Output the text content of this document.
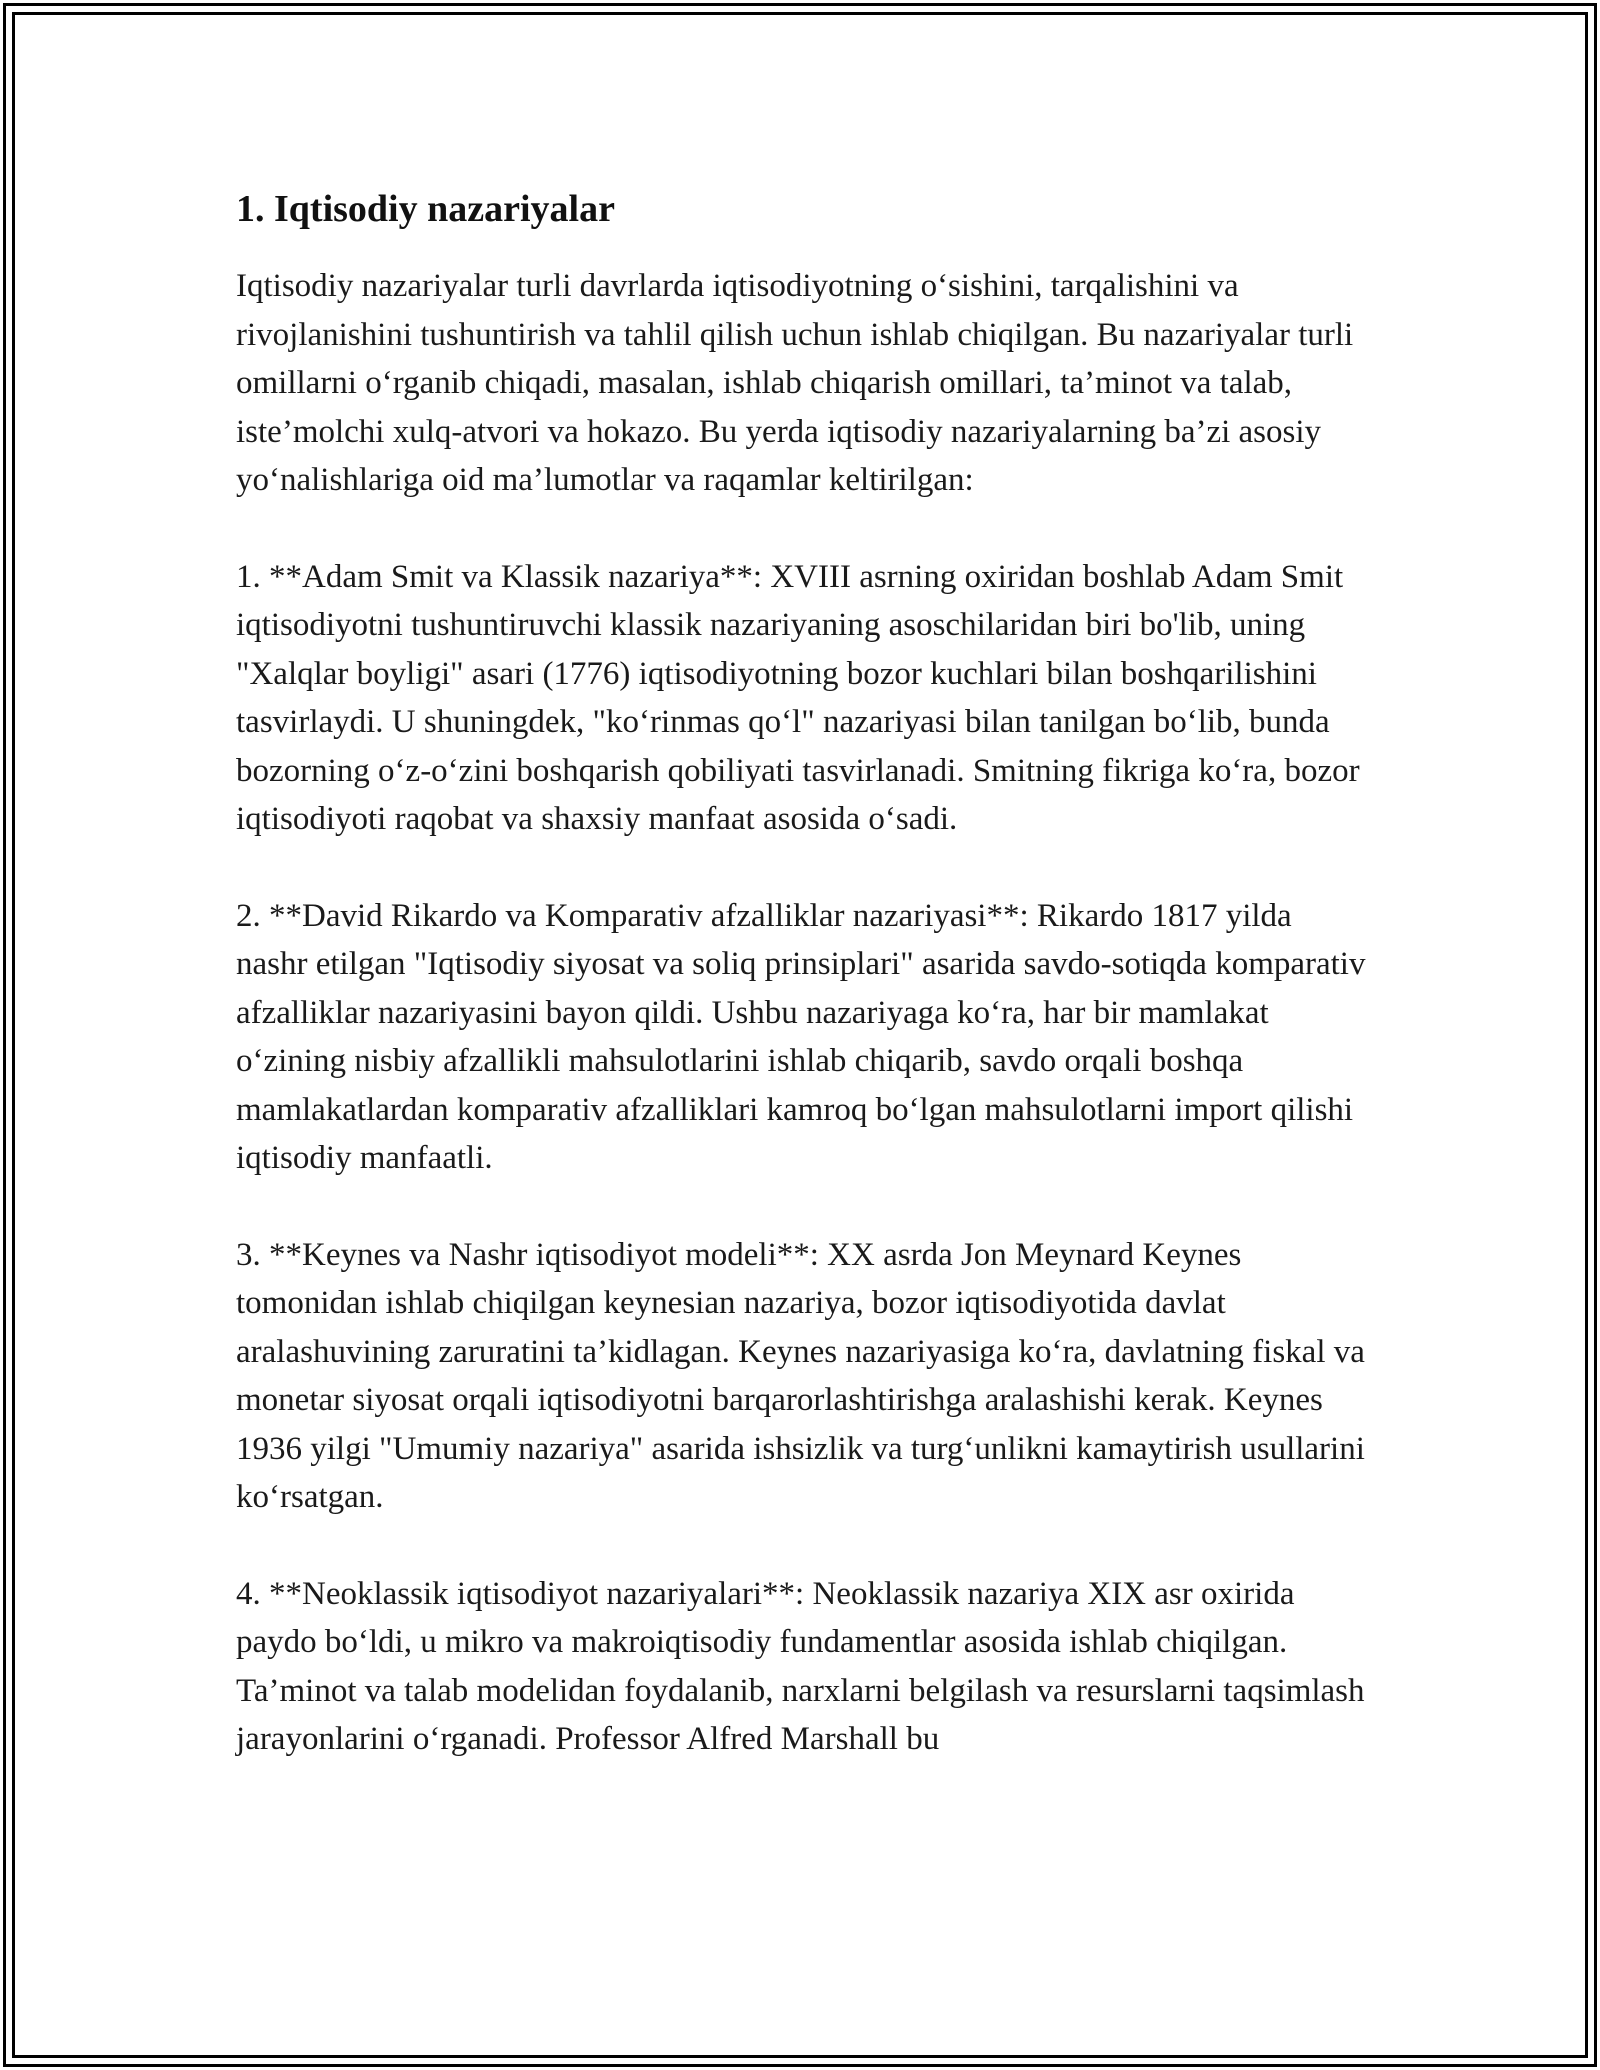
1. Iqtisodiy nazariyalar

Iqtisodiy nazariyalar turli davrlarda iqtisodiyotning o‘sishini, tarqalishini va rivojlanishini tushuntirish va tahlil qilish uchun ishlab chiqilgan. Bu nazariyalar turli omillarni o‘rganib chiqadi, masalan, ishlab chiqarish omillari, ta’minot va talab, iste’molchi xulq-atvori va hokazo. Bu yerda iqtisodiy nazariyalarning ba’zi asosiy yo‘nalishlariga oid ma’lumotlar va raqamlar keltirilgan:

1. **Adam Smit va Klassik nazariya**: XVIII asrning oxiridan boshlab Adam Smit iqtisodiyotni tushuntiruvchi klassik nazariyaning asoschilaridan biri bo'lib, uning "Xalqlar boyligi" asari (1776) iqtisodiyotning bozor kuchlari bilan boshqarilishini tasvirlaydi. U shuningdek, "ko‘rinmas qo‘l" nazariyasi bilan tanilgan bo‘lib, bunda bozorning o‘z-o‘zini boshqarish qobiliyati tasvirlanadi. Smitning fikriga ko‘ra, bozor iqtisodiyoti raqobat va shaxsiy manfaat asosida o‘sadi.

2. **David Rikardo va Komparativ afzalliklar nazariyasi**: Rikardo 1817 yilda nashr etilgan "Iqtisodiy siyosat va soliq prinsiplari" asarida savdo-sotiqda komparativ afzalliklar nazariyasini bayon qildi. Ushbu nazariyaga ko‘ra, har bir mamlakat o‘zining nisbiy afzallikli mahsulotlarini ishlab chiqarib, savdo orqali boshqa mamlakatlardan komparativ afzalliklari kamroq bo‘lgan mahsulotlarni import qilishi iqtisodiy manfaatli.

3. **Keynes va Nashr iqtisodiyot modeli**: XX asrda Jon Meynard Keynes tomonidan ishlab chiqilgan keynesian nazariya, bozor iqtisodiyotida davlat aralashuvining zaruratini ta’kidlagan. Keynes nazariyasiga ko‘ra, davlatning fiskal va monetar siyosat orqali iqtisodiyotni barqarorlashtirishga aralashishi kerak. Keynes 1936 yilgi "Umumiy nazariya" asarida ishsizlik va turg‘unlikni kamaytirish usullarini ko‘rsatgan.

4. **Neoklassik iqtisodiyot nazariyalari**: Neoklassik nazariya XIX asr oxirida paydo bo‘ldi, u mikro va makroiqtisodiy fundamentlar asosida ishlab chiqilgan. Ta’minot va talab modelidan foydalanib, narxlarni belgilash va resurslarni taqsimlash jarayonlarini o‘rganadi. Professor Alfred Marshall bu
